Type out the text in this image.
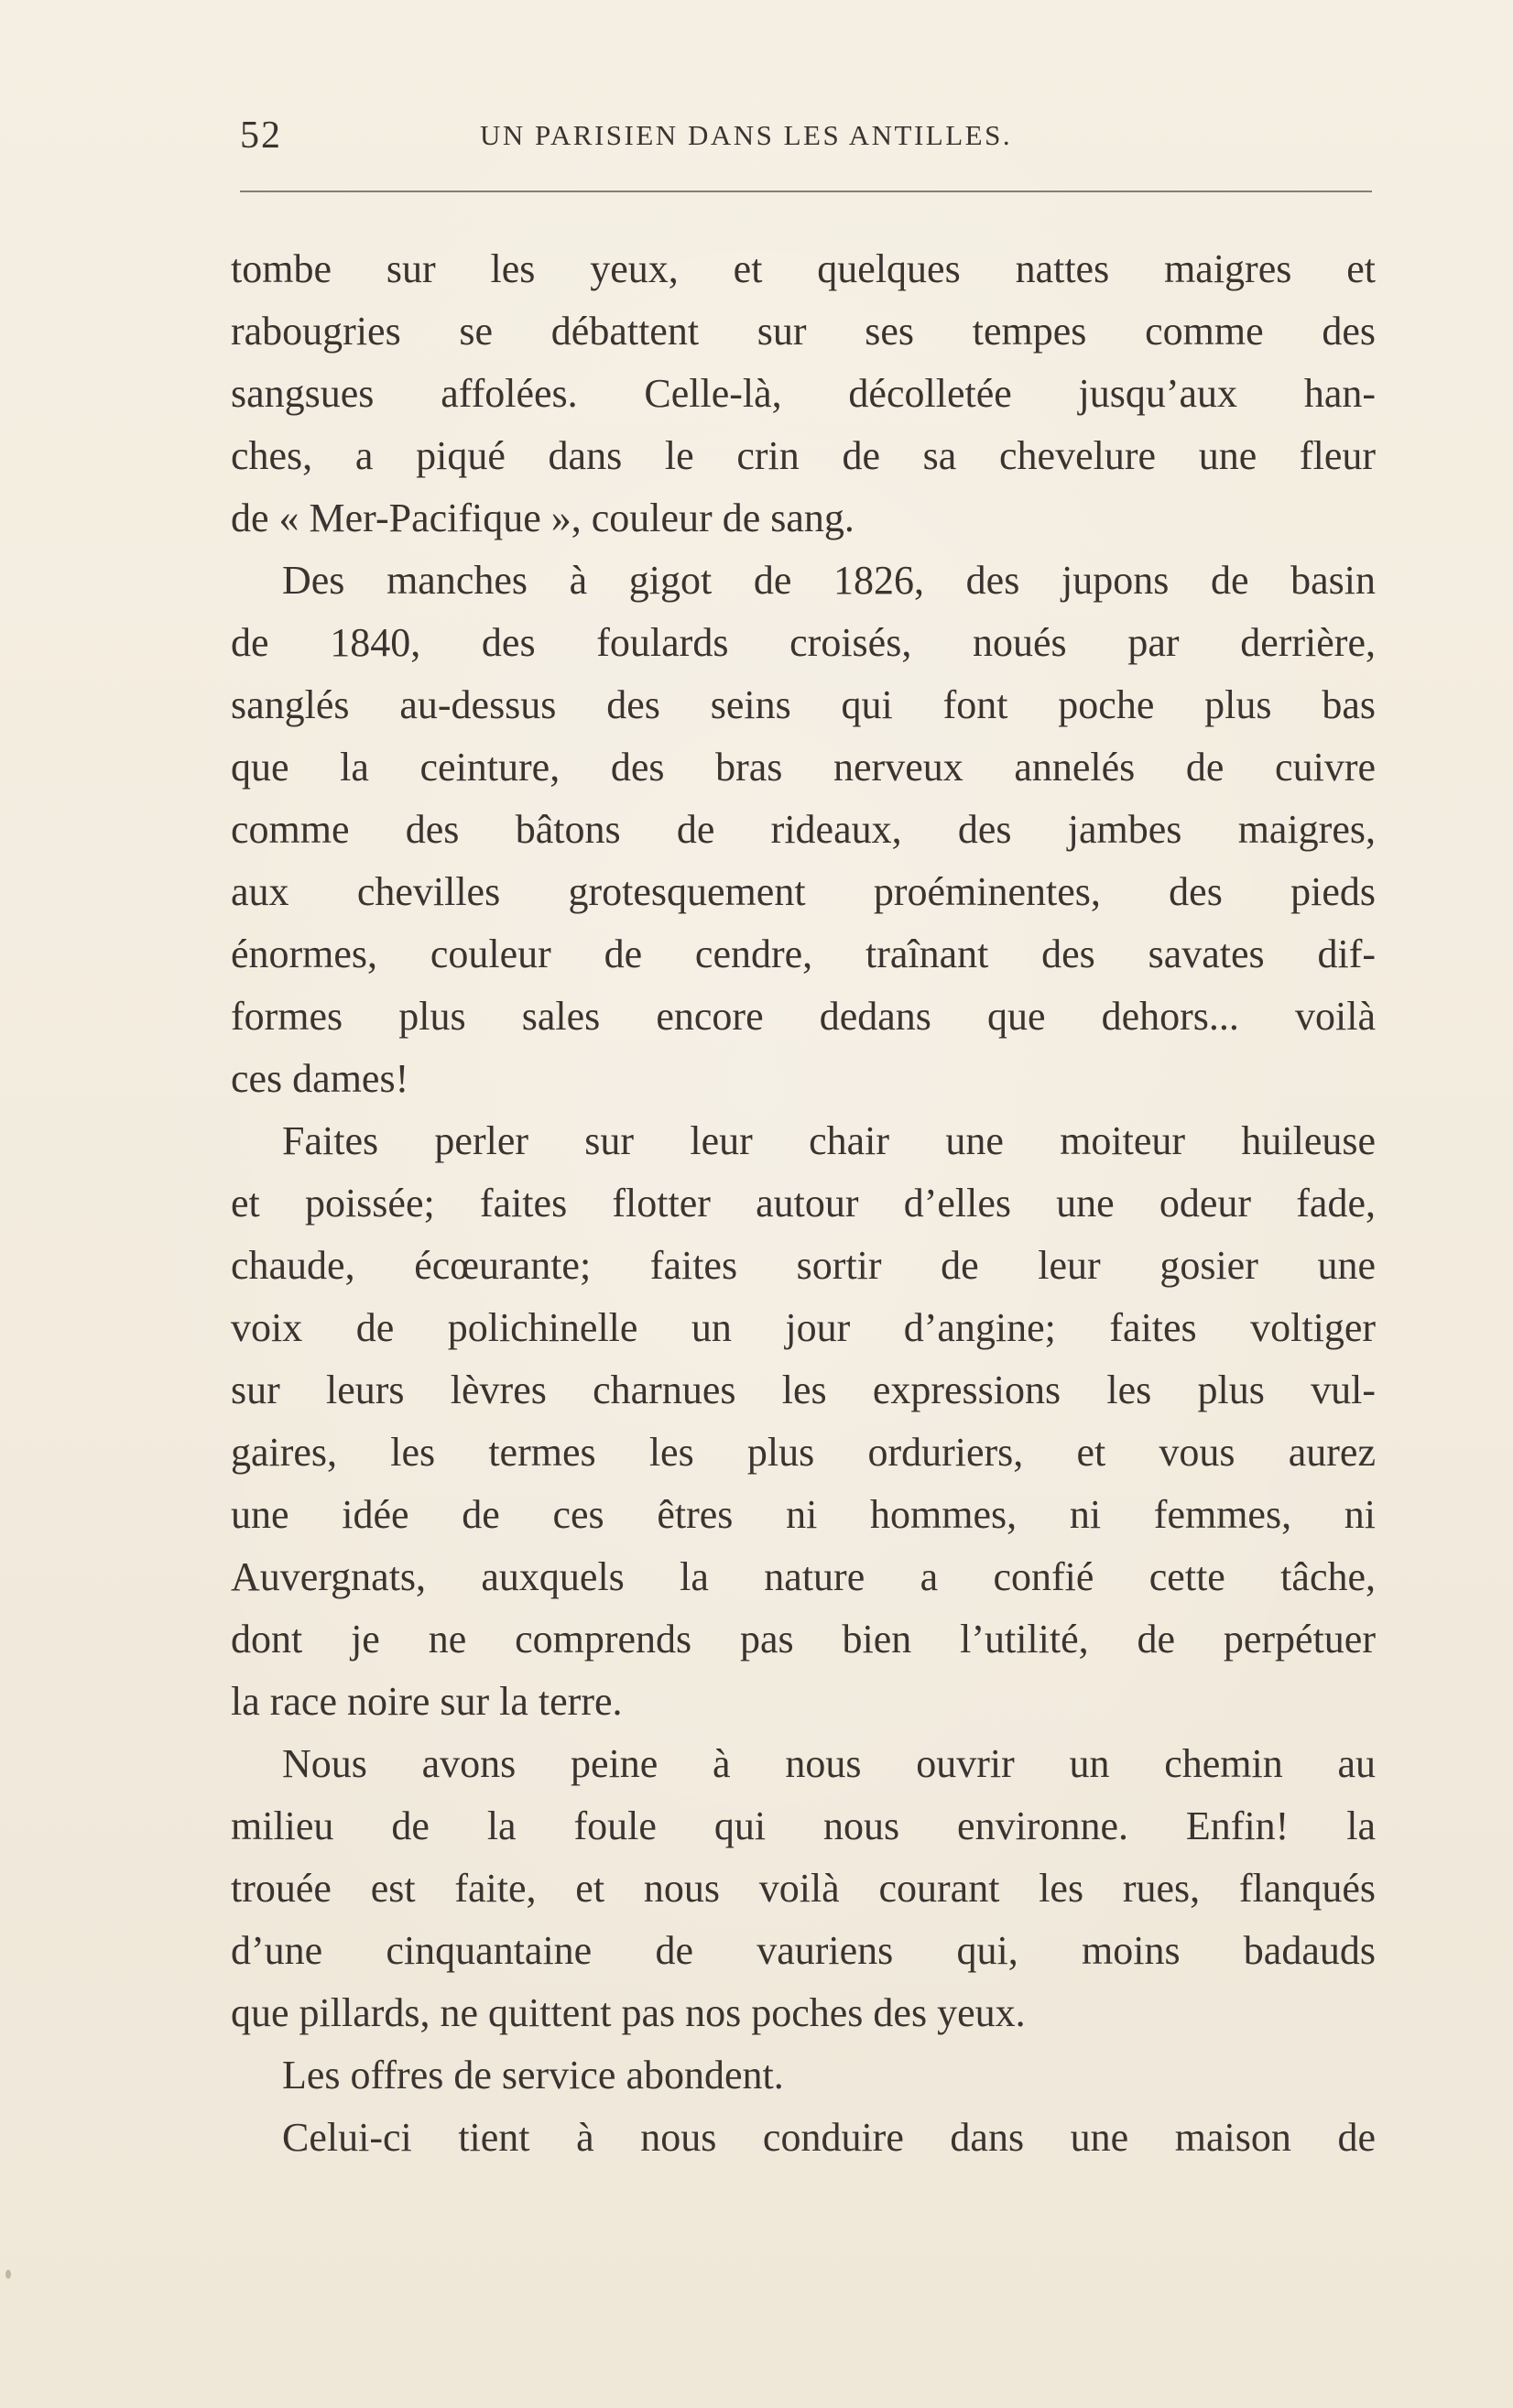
52	UN PARISIEN DANS LES ANTILLES.
tombe sur les yeux, et quelques nattes maigres et
rabougries se débattent sur ses tempes comme des
sangsues affolées. Celle-là, décolletée jusqu’aux han-
ches, a piqué dans le crin de sa chevelure une fleur
de « Mer-Pacifique », couleur de sang.
Des manches à gigot de 1826, des jupons de basin
de 1840, des foulards croisés, noués par derrière,
sanglés au-dessus des seins qui font poche plus bas
que la ceinture, des bras nerveux annelés de cuivre
comme des bâtons de rideaux, des jambes maigres,
aux chevilles grotesquement proéminentes, des pieds
énormes, couleur de cendre, traînant des savates dif-
formes plus sales encore dedans que dehors... voilà
ces dames!
Faites perler sur leur chair une moiteur huileuse
et poissée; faites flotter autour d’elles une odeur fade,
chaude, écœurante; faites sortir de leur gosier une
voix de polichinelle un jour d’angine; faites voltiger
sur leurs lèvres charnues les expressions les plus vul-
gaires, les termes les plus orduriers, et vous aurez
une idée de ces êtres ni hommes, ni femmes, ni
Auvergnats, auxquels la nature a confié cette tâche,
dont je ne comprends pas bien l’utilité, de perpétuer
la race noire sur la terre.
Nous avons peine à nous ouvrir un chemin au
milieu de la foule qui nous environne. Enfin! la
trouée est faite, et nous voilà courant les rues, flanqués
d’une cinquantaine de vauriens qui, moins badauds
que pillards, ne quittent pas nos poches des yeux.
Les offres de service abondent.
Celui-ci tient à nous conduire dans une maison de
